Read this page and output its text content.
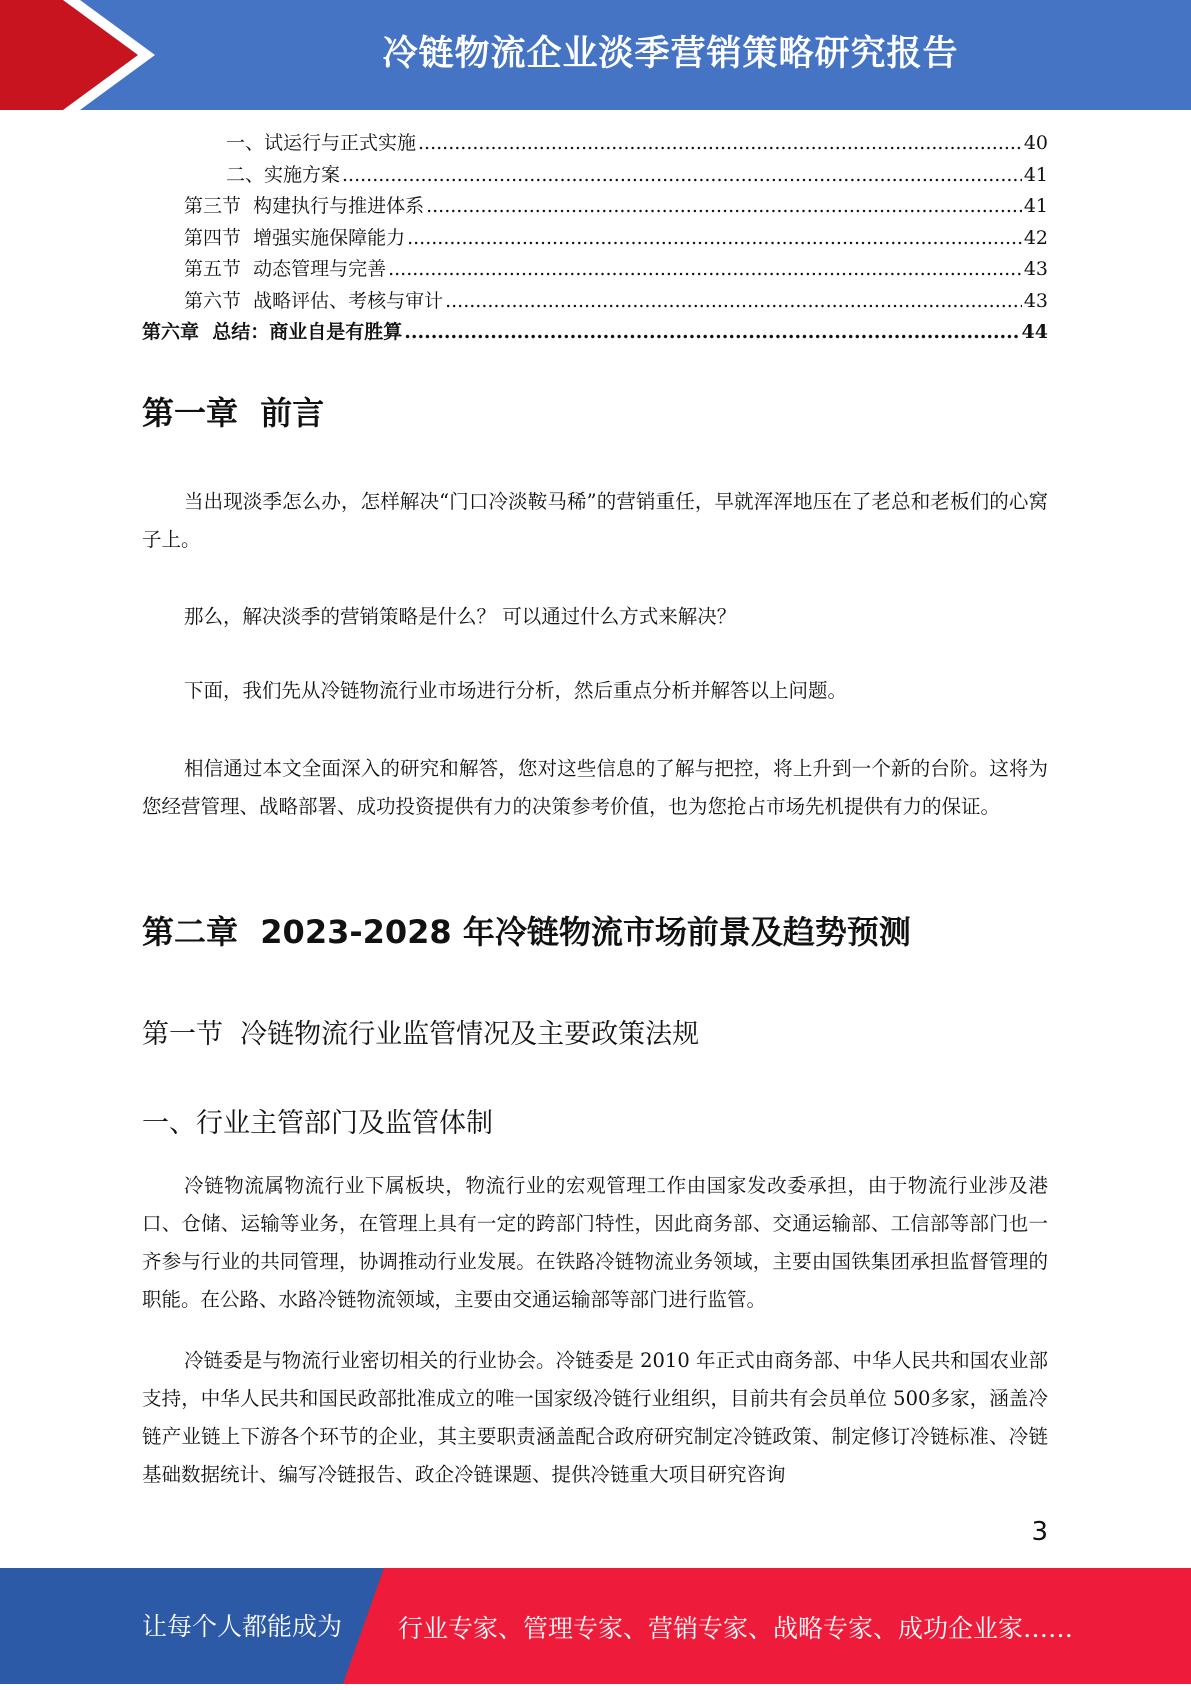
冷链物流企业淡季营销策略研究报告
一、试运行与正式实施 .....	40
二、实施方案 .....	41
第三节  构建执行与推进体系 .....	41
第四节  增强实施保障能力 .....	42
第五节  动态管理与完善 .....	43
第六节  战略评估、考核与审计 .....	43
第六章  总结：商业自是有胜算 .....	44
第一章  前言
当出现淡季怎么办，怎样解决“门口冷淡鞍马稀”的营销重任，早就浑浑地压在了老总和老板们的心窝子上。
那么，解决淡季的营销策略是什么？ 可以通过什么方式来解决？
下面，我们先从冷链物流行业市场进行分析，然后重点分析并解答以上问题。
相信通过本文全面深入的研究和解答，您对这些信息的了解与把控，将上升到一个新的台阶。这将为您经营管理、战略部署、成功投资提供有力的决策参考价值，也为您抢占市场先机提供有力的保证。
第二章  2023-2028 年冷链物流市场前景及趋势预测
第一节  冷链物流行业监管情况及主要政策法规
一、行业主管部门及监管体制
冷链物流属物流行业下属板块，物流行业的宏观管理工作由国家发改委承担，由于物流行业涉及港口、仓储、运输等业务，在管理上具有一定的跨部门特性，因此商务部、交通运输部、工信部等部门也一齐参与行业的共同管理，协调推动行业发展。在铁路冷链物流业务领域，主要由国铁集团承担监督管理的职能。在公路、水路冷链物流领域，主要由交通运输部等部门进行监管。
冷链委是与物流行业密切相关的行业协会。冷链委是 2010 年正式由商务部、中华人民共和国农业部支持，中华人民共和国民政部批准成立的唯一国家级冷链行业组织，目前共有会员单位 500多家，涵盖冷链产业链上下游各个环节的企业，其主要职责涵盖配合政府研究制定冷链政策、制定修订冷链标准、冷链基础数据统计、编写冷链报告、政企冷链课题、提供冷链重大项目研究咨询
3
让每个人都能成为 行业专家、管理专家、营销专家、战略专家、成功企业家……
